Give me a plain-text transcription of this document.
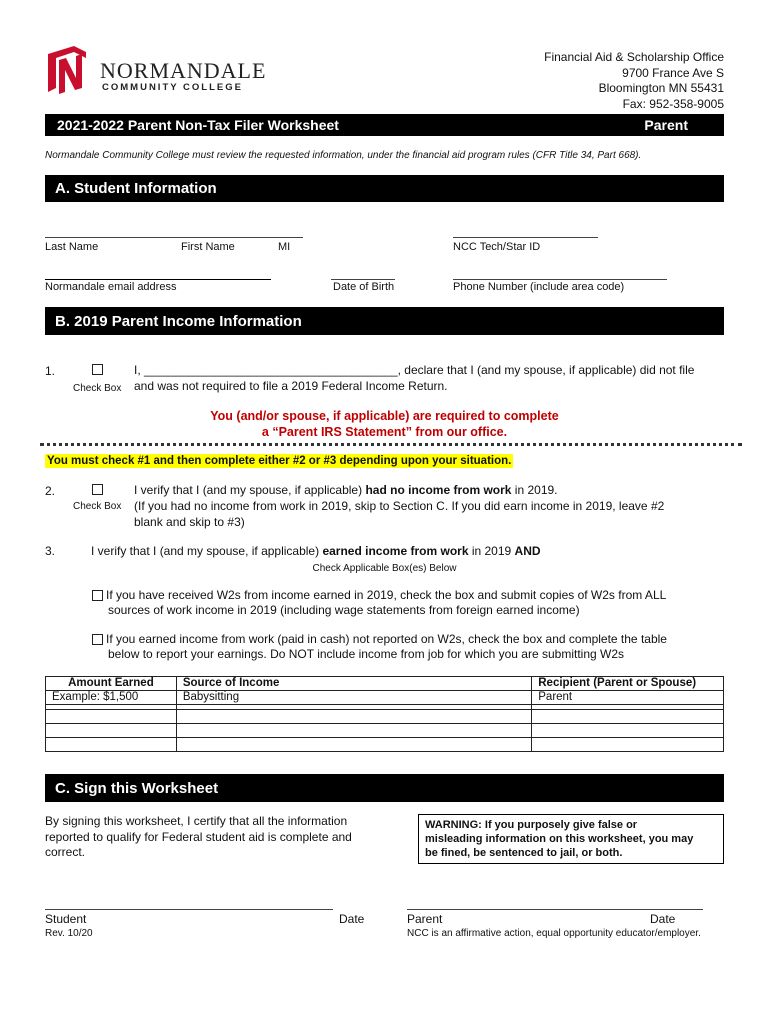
NORMANDALE
COMMUNITY COLLEGE
Financial Aid & Scholarship Office
9700 France Ave S
Bloomington MN 55431
Fax: 952-358-9005
2021-2022 Parent Non-Tax Filer Worksheet	Parent
Normandale Community College must review the requested information, under the financial aid program rules (CFR Title 34, Part 668).
A. Student Information
Last Name	First Name	MI	NCC Tech/Star ID
Normandale email address	Date of Birth	Phone Number (include area code)
B. 2019 Parent Income Information
1.
Check Box
I, ______________________________________, declare that I (and my spouse, if applicable) did not file
and was not required to file a 2019 Federal Income Return.
You (and/or spouse, if applicable) are required to complete
a “Parent IRS Statement” from our office.
You must check #1 and then complete either #2 or #3 depending upon your situation.
2.
Check Box
I verify that I (and my spouse, if applicable) had no income from work in 2019.
(If you had no income from work in 2019, skip to Section C. If you did earn income in 2019, leave #2
blank and skip to #3)
3.	I verify that I (and my spouse, if applicable) earned income from work in 2019 AND
Check Applicable Box(es) Below
If you have received W2s from income earned in 2019, check the box and submit copies of W2s from ALL
sources of work income in 2019 (including wage statements from foreign earned income)
If you earned income from work (paid in cash) not reported on W2s, check the box and complete the table
below to report your earnings. Do NOT include income from job for which you are submitting W2s
Amount Earned	Source of Income	Recipient (Parent or Spouse)
Example: $1,500	Babysitting	Parent

C. Sign this Worksheet
By signing this worksheet, I certify that all the information
reported to qualify for Federal student aid is complete and
correct.
WARNING: If you purposely give false or
misleading information on this worksheet, you may
be fined, be sentenced to jail, or both.
Student	Date	Parent	Date
Rev. 10/20	NCC is an affirmative action, equal opportunity educator/employer.
